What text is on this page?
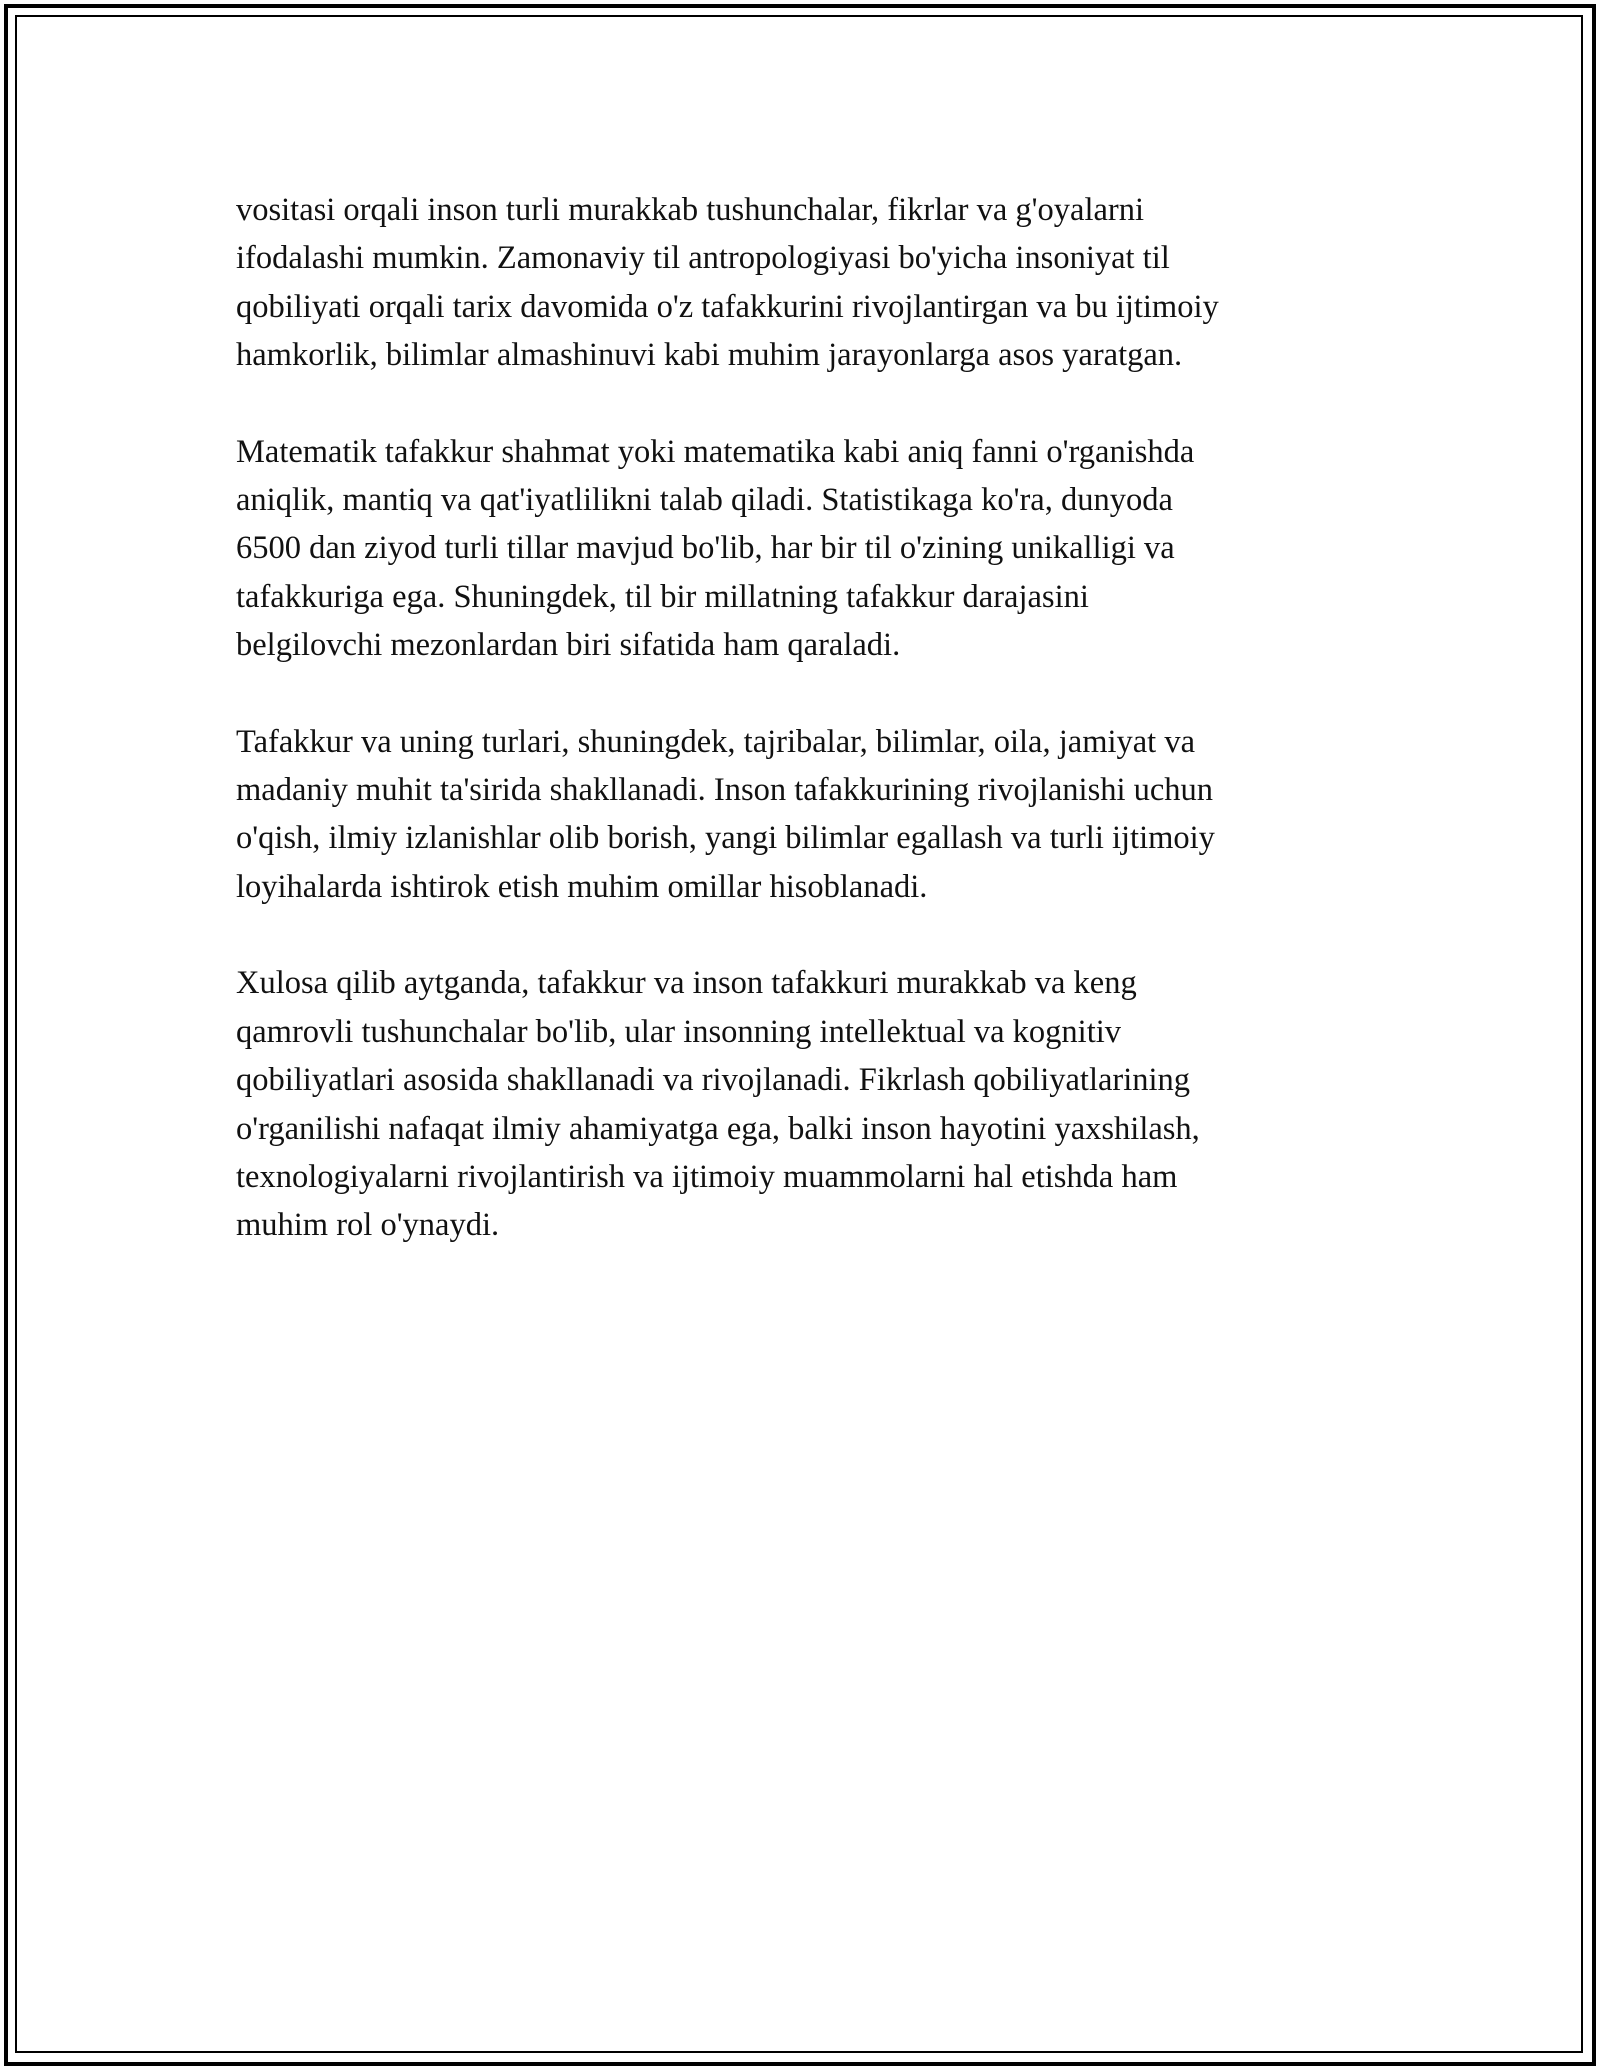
vositasi orqali inson turli murakkab tushunchalar, fikrlar va g'oyalarni
ifodalashi mumkin. Zamonaviy til antropologiyasi bo'yicha insoniyat til
qobiliyati orqali tarix davomida o'z tafakkurini rivojlantirgan va bu ijtimoiy
hamkorlik, bilimlar almashinuvi kabi muhim jarayonlarga asos yaratgan.

Matematik tafakkur shahmat yoki matematika kabi aniq fanni o'rganishda
aniqlik, mantiq va qat'iyatlilikni talab qiladi. Statistikaga ko'ra, dunyoda
6500 dan ziyod turli tillar mavjud bo'lib, har bir til o'zining unikalligi va
tafakkuriga ega. Shuningdek, til bir millatning tafakkur darajasini
belgilovchi mezonlardan biri sifatida ham qaraladi.

Tafakkur va uning turlari, shuningdek, tajribalar, bilimlar, oila, jamiyat va
madaniy muhit ta'sirida shakllanadi. Inson tafakkurining rivojlanishi uchun
o'qish, ilmiy izlanishlar olib borish, yangi bilimlar egallash va turli ijtimoiy
loyihalarda ishtirok etish muhim omillar hisoblanadi.

Xulosa qilib aytganda, tafakkur va inson tafakkuri murakkab va keng
qamrovli tushunchalar bo'lib, ular insonning intellektual va kognitiv
qobiliyatlari asosida shakllanadi va rivojlanadi. Fikrlash qobiliyatlarining
o'rganilishi nafaqat ilmiy ahamiyatga ega, balki inson hayotini yaxshilash,
texnologiyalarni rivojlantirish va ijtimoiy muammolarni hal etishda ham
muhim rol o'ynaydi.
